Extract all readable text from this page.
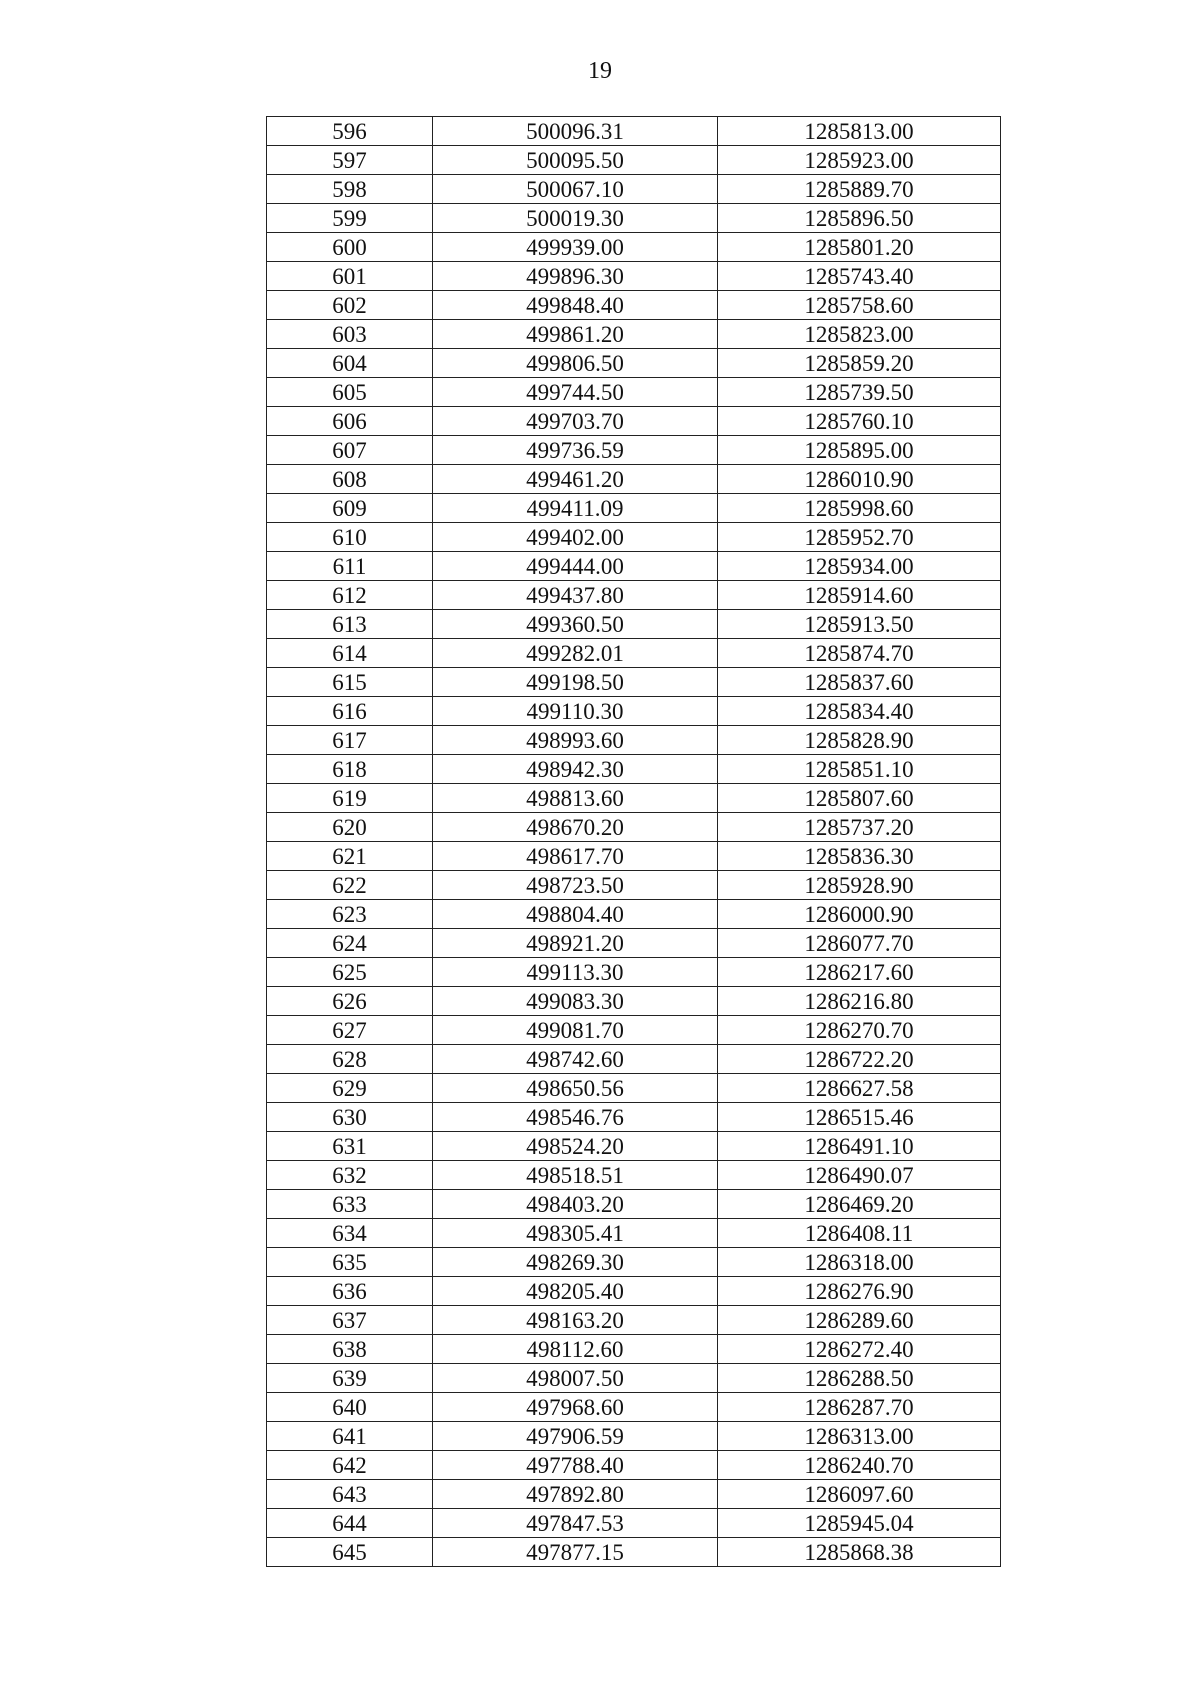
19
596	500096.31	1285813.00
597	500095.50	1285923.00
598	500067.10	1285889.70
599	500019.30	1285896.50
600	499939.00	1285801.20
601	499896.30	1285743.40
602	499848.40	1285758.60
603	499861.20	1285823.00
604	499806.50	1285859.20
605	499744.50	1285739.50
606	499703.70	1285760.10
607	499736.59	1285895.00
608	499461.20	1286010.90
609	499411.09	1285998.60
610	499402.00	1285952.70
611	499444.00	1285934.00
612	499437.80	1285914.60
613	499360.50	1285913.50
614	499282.01	1285874.70
615	499198.50	1285837.60
616	499110.30	1285834.40
617	498993.60	1285828.90
618	498942.30	1285851.10
619	498813.60	1285807.60
620	498670.20	1285737.20
621	498617.70	1285836.30
622	498723.50	1285928.90
623	498804.40	1286000.90
624	498921.20	1286077.70
625	499113.30	1286217.60
626	499083.30	1286216.80
627	499081.70	1286270.70
628	498742.60	1286722.20
629	498650.56	1286627.58
630	498546.76	1286515.46
631	498524.20	1286491.10
632	498518.51	1286490.07
633	498403.20	1286469.20
634	498305.41	1286408.11
635	498269.30	1286318.00
636	498205.40	1286276.90
637	498163.20	1286289.60
638	498112.60	1286272.40
639	498007.50	1286288.50
640	497968.60	1286287.70
641	497906.59	1286313.00
642	497788.40	1286240.70
643	497892.80	1286097.60
644	497847.53	1285945.04
645	497877.15	1285868.38
